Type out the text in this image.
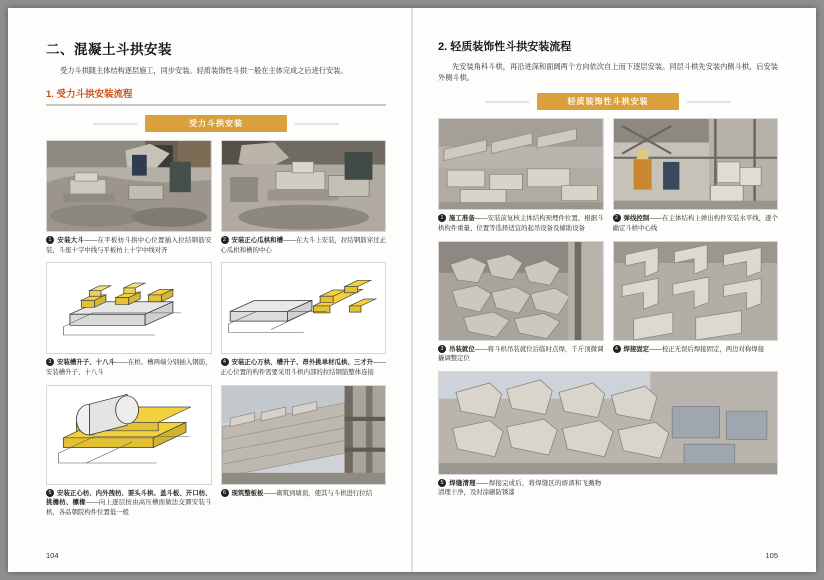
二、混凝土斗拱安装

受力斗拱随主体结构逐层施工，同步安装。轻质装饰性斗拱一般在主体完成之后进行安装。

1. 受力斗拱安装流程
受力斗拱安装
1 安装大斗——在平板枋斗拱中心位置插入拉结钢筋安装，斗座十字中线与平板枋上十字中线对齐
2 安装正心瓜栱和槽——在大斗上安装，拉结钢筋穿过正心瓜栱和槽的中心
3 安装槽升子、十八斗——在栱、槽两端分别插入钢筋，安装槽升子、十八斗
4 安装正心万栱、槽升子、昂外挑单材瓜栱、三才升——正心位置的构件需要采用斗栱内部的拉结钢筋整体连接
5 安装正心枋、内外拽枋、耍头斗栱、盖斗板、开口枋、挑檐枋、檩椽——向上逐层按由高压槽面做法交圈安装斗栱，各品朝院构件位置低一般
6 现筑整板板——砌筑到墙顶，使其与斗栱进行拉结
104
2. 轻质装饰性斗拱安装流程

先安装角科斗栱，再沿进深和面阔两个方向依次自上而下逐层安装。同层斗栱先安装内侧斗栱，后安装外侧斗栱。

轻质装饰性斗拱安装
1 施工准备——安装前复核主体结构预埋件位置、根据斗栱构件重量、位置等选择适宜的起吊设备及辅助设备
2 弹线控制——在主体结构上弹出构件安装水平线，逐个确定斗栱中心线
3 吊装就位——将斗栱吊装就位后临时点焊，千斤顶微调撬调整定位
4 焊接固定——校正无误后焊接固定，两边对称焊接
5 焊缝清理——焊接完成后，将焊缝区的熔渣和飞溅物清理干净，及时涂刷防锈漆
105
